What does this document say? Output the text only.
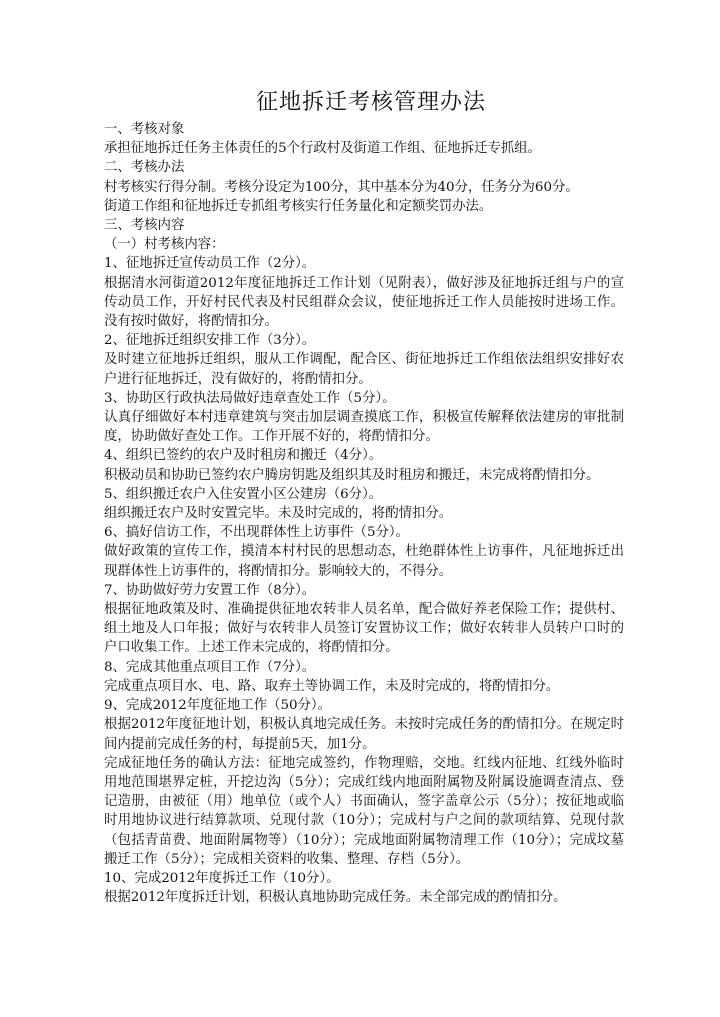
征地拆迁考核管理办法

一、考核对象

承担征地拆迁任务主体责任的5个行政村及街道工作组、征地拆迁专抓组。

二、考核办法

村考核实行得分制。考核分设定为100分，其中基本分为40分，任务分为60分。

街道工作组和征地拆迁专抓组考核实行任务量化和定额奖罚办法。

三、考核内容

（一）村考核内容：

1、征地拆迁宣传动员工作（2分）。

根据清水河街道2012年度征地拆迁工作计划（见附表），做好涉及征地拆迁组与户的宣传动员工作，开好村民代表及村民组群众会议，使征地拆迁工作人员能按时进场工作。没有按时做好，将酌情扣分。

2、征地拆迁组织安排工作（3分）。

及时建立征地拆迁组织，服从工作调配，配合区、街征地拆迁工作组依法组织安排好农户进行征地拆迁，没有做好的，将酌情扣分。

3、协助区行政执法局做好违章查处工作（5分）。

认真仔细做好本村违章建筑与突击加层调查摸底工作，积极宣传解释依法建房的审批制度，协助做好查处工作。工作开展不好的，将酌情扣分。

4、组织已签约的农户及时租房和搬迁（4分）。

积极动员和协助已签约农户腾房钥匙及组织其及时租房和搬迁，未完成将酌情扣分。

5、组织搬迁农户入住安置小区公建房（6分）。

组织搬迁农户及时安置完毕。未及时完成的，将酌情扣分。

6、搞好信访工作，不出现群体性上访事件（5分）。

做好政策的宣传工作，摸清本村村民的思想动态，杜绝群体性上访事件，凡征地拆迁出现群体性上访事件的，将酌情扣分。影响较大的，不得分。

7、协助做好劳力安置工作（8分）。

根据征地政策及时、准确提供征地农转非人员名单，配合做好养老保险工作；提供村、组土地及人口年报；做好与农转非人员签订安置协议工作；做好农转非人员转户口时的户口收集工作。上述工作未完成的，将酌情扣分。

8、完成其他重点项目工作（7分）。

完成重点项目水、电、路、取弃土等协调工作，未及时完成的，将酌情扣分。

9、完成2012年度征地工作（50分）。

根据2012年度征地计划，积极认真地完成任务。未按时完成任务的酌情扣分。在规定时间内提前完成任务的村，每提前5天，加1分。

完成征地任务的确认方法：征地完成签约，作物理赔，交地。红线内征地、红线外临时用地范围堪界定桩，开挖边沟（5分）；完成红线内地面附属物及附属设施调查清点、登记造册，由被征（用）地单位（或个人）书面确认，签字盖章公示（5分）；按征地或临时用地协议进行结算款项、兑现付款（10分）；完成村与户之间的款项结算、兑现付款（包括青苗费、地面附属物等）（10分）；完成地面附属物清理工作（10分）；完成坟墓搬迁工作（5分）；完成相关资料的收集、整理、存档（5分）。

10、完成2012年度拆迁工作（10分）。

根据2012年度拆迁计划，积极认真地协助完成任务。未全部完成的酌情扣分。
